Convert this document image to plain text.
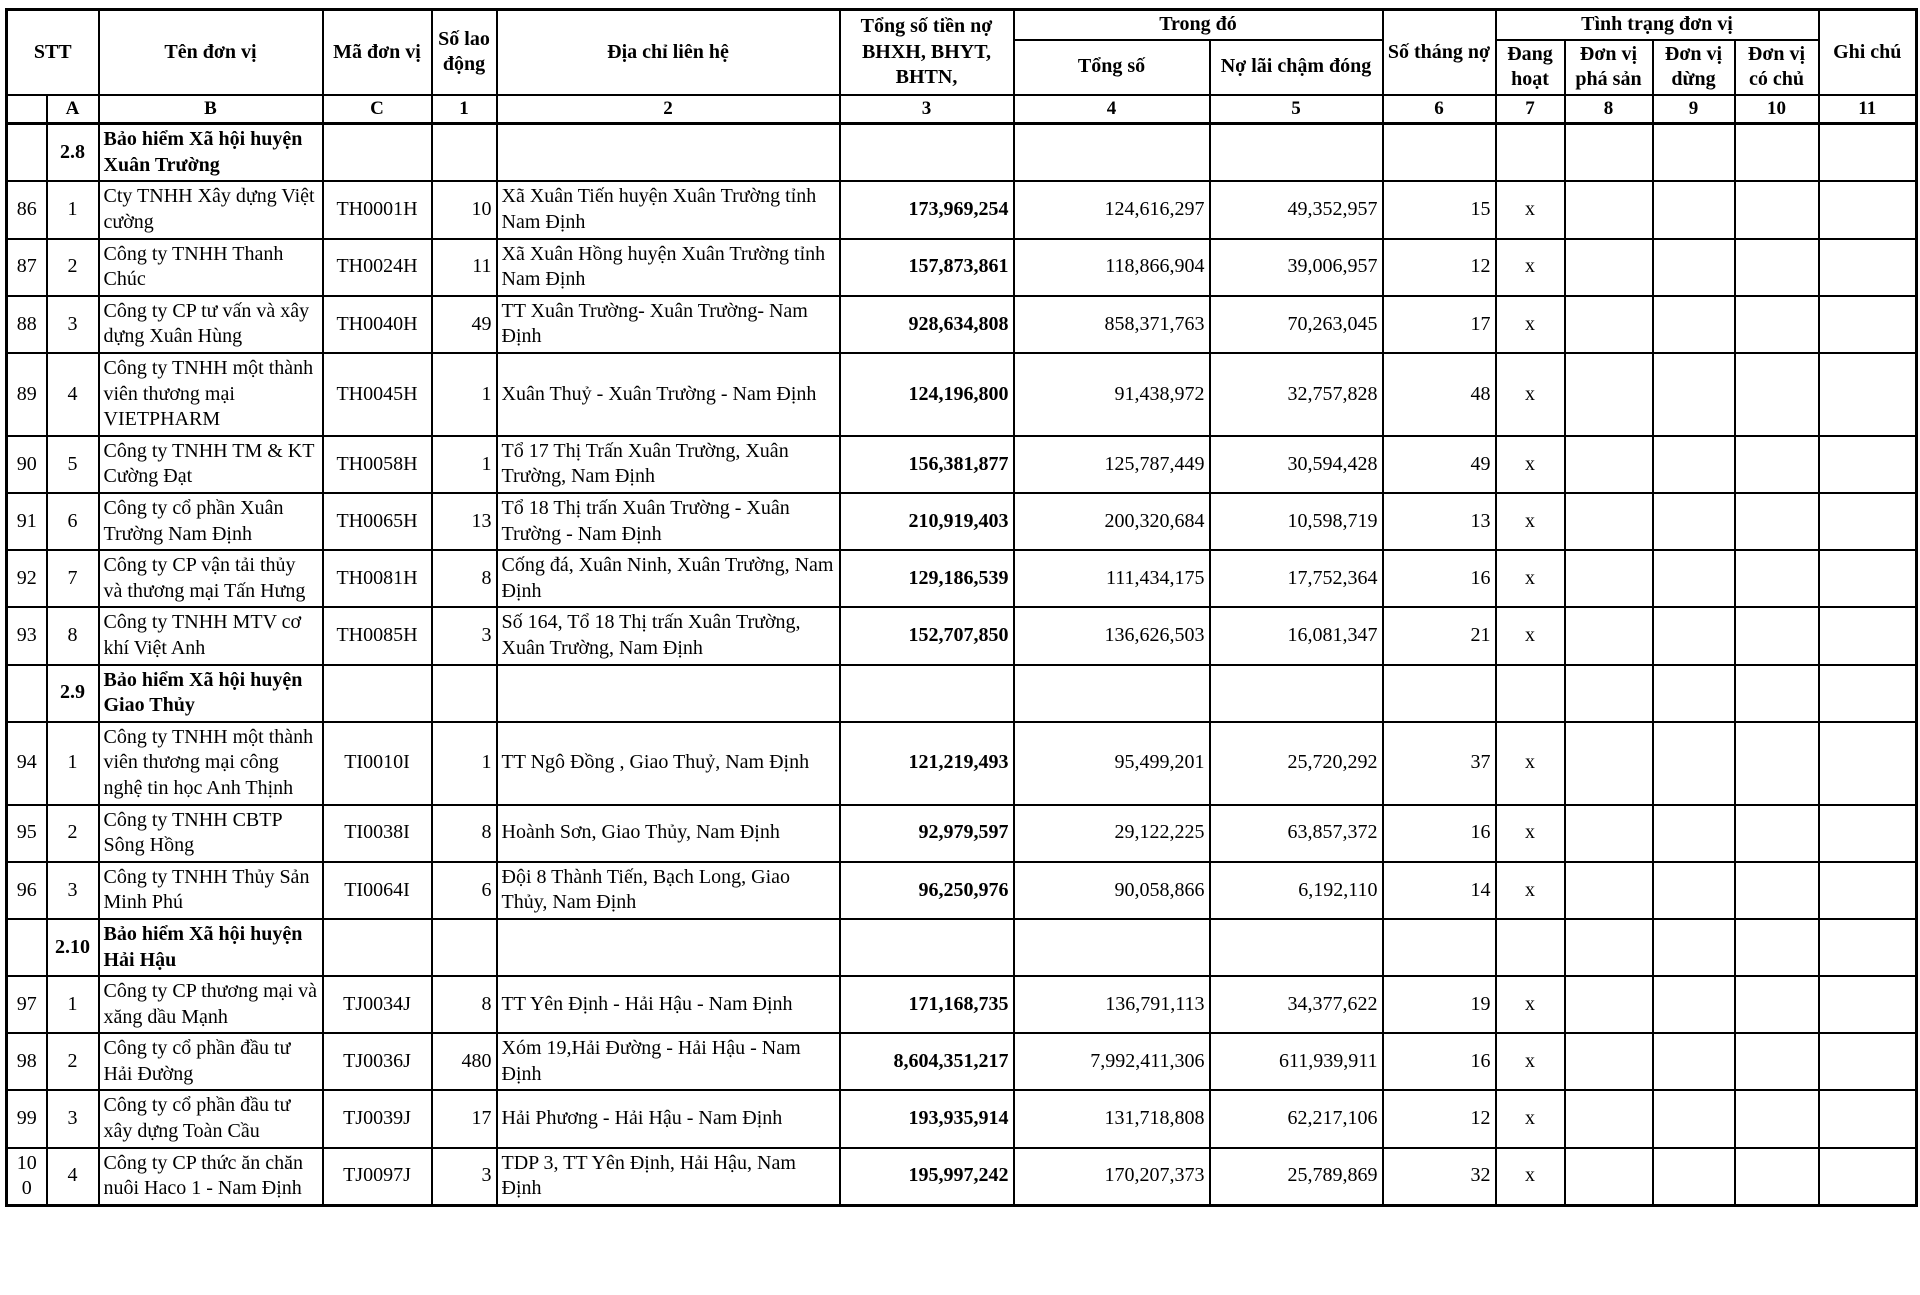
STT		Tên đơn vị	Mã đơn vị	Số lao động	Địa chỉ liên hệ	Tổng số tiền nợ BHXH, BHYT, BHTN,	Trong đó		Số tháng nợ	Tình trạng đơn vị				Ghi chú
							Tổng số	Nợ lãi chậm đóng		Đang hoạt	Đơn vị phá sản	Đơn vị dừng	Đơn vị có chủ	
	A	B	C	1	2	3	4	5	6	7	8	9	10	11
	2.8	Bảo hiểm Xã hội huyện Xuân Trường												
86	1	Cty TNHH Xây dựng Việt cường	TH0001H	10	Xã Xuân Tiến huyện Xuân Trường tỉnh Nam Định	173,969,254	124,616,297	49,352,957	15	x				
87	2	Công ty TNHH Thanh Chúc	TH0024H	11	Xã Xuân Hồng huyện Xuân Trường tỉnh Nam Định	157,873,861	118,866,904	39,006,957	12	x				
88	3	Công ty CP tư vấn và xây dựng Xuân Hùng	TH0040H	49	TT Xuân Trường- Xuân Trường- Nam Định	928,634,808	858,371,763	70,263,045	17	x				
89	4	Công ty TNHH một thành viên thương mại VIETPHARM	TH0045H	1	Xuân Thuỷ - Xuân Trường - Nam Định	124,196,800	91,438,972	32,757,828	48	x				
90	5	Công ty TNHH TM & KT Cường Đạt	TH0058H	1	Tổ 17 Thị Trấn Xuân Trường, Xuân Trường, Nam Định	156,381,877	125,787,449	30,594,428	49	x				
91	6	Công ty cổ phần Xuân Trường Nam Định	TH0065H	13	Tổ 18 Thị trấn Xuân Trường - Xuân Trường - Nam Định	210,919,403	200,320,684	10,598,719	13	x				
92	7	Công ty CP vận tải thủy và thương mại Tấn Hưng	TH0081H	8	Cống đá, Xuân Ninh, Xuân Trường, Nam Định	129,186,539	111,434,175	17,752,364	16	x				
93	8	Công ty TNHH MTV cơ khí Việt Anh	TH0085H	3	Số 164, Tổ 18 Thị trấn Xuân Trường, Xuân Trường, Nam Định	152,707,850	136,626,503	16,081,347	21	x				
	2.9	Bảo hiểm Xã hội huyện Giao Thủy												
94	1	Công ty TNHH một thành viên thương mại công nghệ tin học Anh Thịnh	TI0010I	1	TT Ngô Đồng , Giao Thuỷ, Nam Định	121,219,493	95,499,201	25,720,292	37	x				
95	2	Công ty TNHH CBTP Sông Hồng	TI0038I	8	Hoành Sơn, Giao Thủy, Nam Định	92,979,597	29,122,225	63,857,372	16	x				
96	3	Công ty TNHH Thủy Sản Minh Phú	TI0064I	6	Đội 8 Thành Tiến, Bạch Long, Giao Thủy, Nam Định	96,250,976	90,058,866	6,192,110	14	x				
	2.10	Bảo hiểm Xã hội huyện Hải Hậu												
97	1	Công ty CP thương mại và xăng dầu Mạnh	TJ0034J	8	TT Yên Định - Hải Hậu - Nam Định	171,168,735	136,791,113	34,377,622	19	x				
98	2	Công ty cổ phần đầu tư Hải Đường	TJ0036J	480	Xóm 19,Hải Đường - Hải Hậu - Nam Định	8,604,351,217	7,992,411,306	611,939,911	16	x				
99	3	Công ty cổ phần đầu tư xây dựng Toàn Cầu	TJ0039J	17	Hải Phương - Hải Hậu - Nam Định	193,935,914	131,718,808	62,217,106	12	x				
100	4	Công ty CP thức ăn chăn nuôi Haco 1 - Nam Định	TJ0097J	3	TDP 3, TT Yên Định, Hải Hậu, Nam Định	195,997,242	170,207,373	25,789,869	32	x				
